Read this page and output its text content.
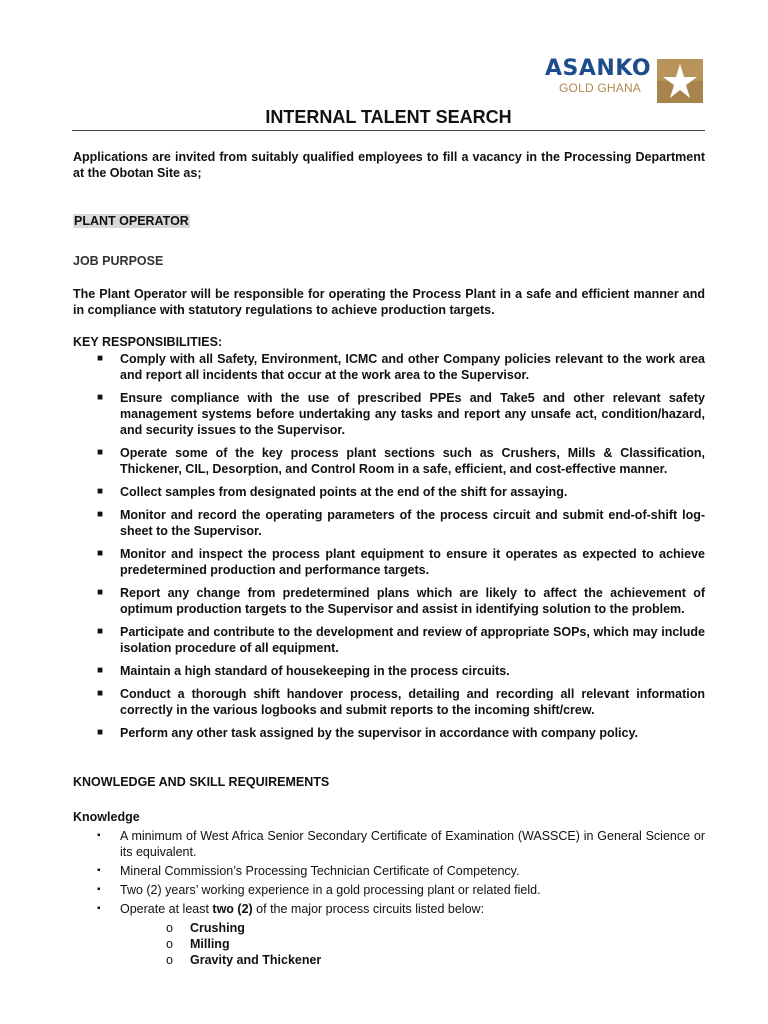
ASANKO
GOLD GHANA
INTERNAL TALENT SEARCH

Applications are invited from suitably qualified employees to fill a vacancy in the Processing Department at the Obotan Site as;

PLANT OPERATOR

JOB PURPOSE

The Plant Operator will be responsible for operating the Process Plant in a safe and efficient manner and in compliance with statutory regulations to achieve production targets.

KEY RESPONSIBILITIES:

■ Comply with all Safety, Environment, ICMC and other Company policies relevant to the work area and report all incidents that occur at the work area to the Supervisor.
■ Ensure compliance with the use of prescribed PPEs and Take5 and other relevant safety management systems before undertaking any tasks and report any unsafe act, condition/hazard, and security issues to the Supervisor.
■ Operate some of the key process plant sections such as Crushers, Mills & Classification, Thickener, CIL, Desorption, and Control Room in a safe, efficient, and cost-effective manner.
■ Collect samples from designated points at the end of the shift for assaying.
■ Monitor and record the operating parameters of the process circuit and submit end-of-shift log-sheet to the Supervisor.
■ Monitor and inspect the process plant equipment to ensure it operates as expected to achieve predetermined production and performance targets.
■ Report any change from predetermined plans which are likely to affect the achievement of optimum production targets to the Supervisor and assist in identifying solution to the problem.
■ Participate and contribute to the development and review of appropriate SOPs, which may include isolation procedure of all equipment.
■ Maintain a high standard of housekeeping in the process circuits.
■ Conduct a thorough shift handover process, detailing and recording all relevant information correctly in the various logbooks and submit reports to the incoming shift/crew.
■ Perform any other task assigned by the supervisor in accordance with company policy.

KNOWLEDGE AND SKILL REQUIREMENTS

Knowledge

▪ A minimum of West Africa Senior Secondary Certificate of Examination (WASSCE) in General Science or its equivalent.
▪ Mineral Commission’s Processing Technician Certificate of Competency.
▪ Two (2) years’ working experience in a gold processing plant or related field.
▪ Operate at least two (2) of the major process circuits listed below:
o Crushing
o Milling
o Gravity and Thickener
